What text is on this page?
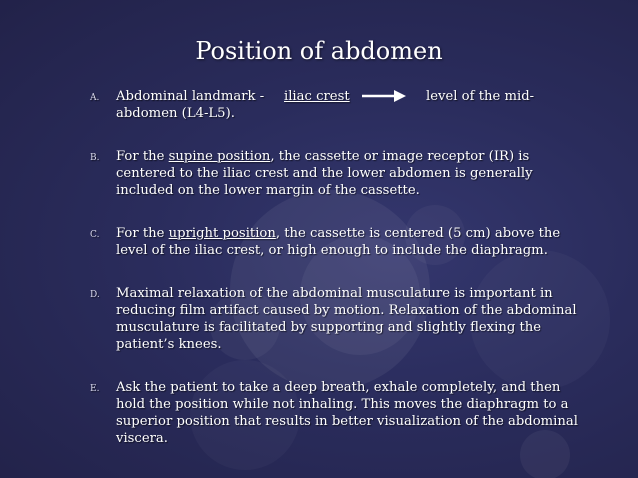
Position of abdomen
A. Abdominal landmark - iliac crest	level of the mid-
abdomen (L4-L5).
B. For the supine position, the cassette or image receptor (IR) is centered to the iliac crest and the lower abdomen is generally included on the lower margin of the cassette.
C. For the upright position, the cassette is centered (5 cm) above the level of the iliac crest, or high enough to include the diaphragm.
D. Maximal relaxation of the abdominal musculature is important in reducing film artifact caused by motion. Relaxation of the abdominal musculature is facilitated by supporting and slightly flexing the patient’s knees.
E. Ask the patient to take a deep breath, exhale completely, and then hold the position while not inhaling. This moves the diaphragm to a superior position that results in better visualization of the abdominal viscera.
